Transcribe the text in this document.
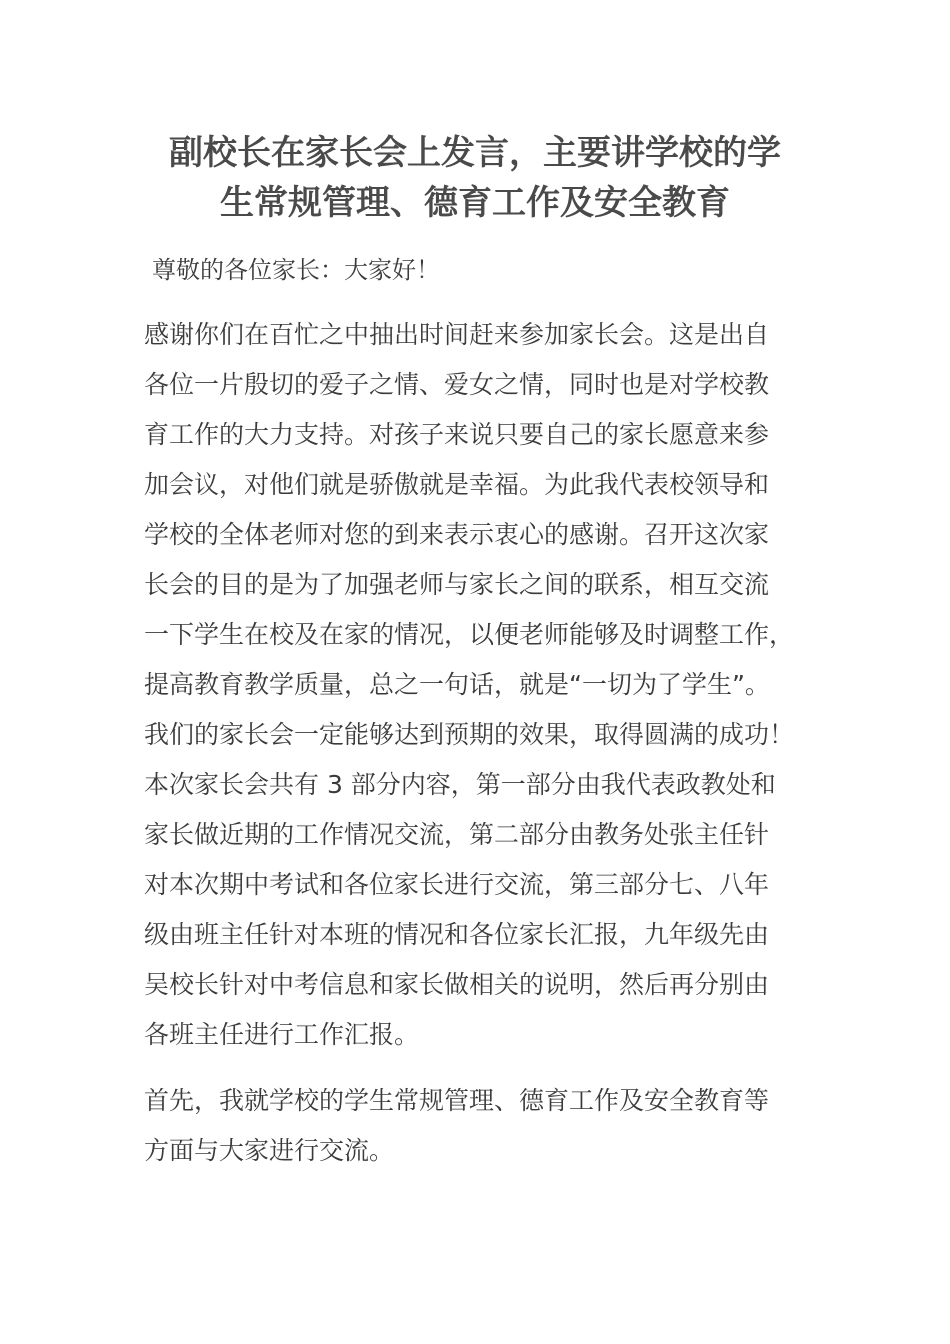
副校长在家长会上发言，主要讲学校的学
生常规管理、德育工作及安全教育

尊敬的各位家长：大家好！

感谢你们在百忙之中抽出时间赶来参加家长会。这是出自
各位一片殷切的爱子之情、爱女之情，同时也是对学校教
育工作的大力支持。对孩子来说只要自己的家长愿意来参
加会议，对他们就是骄傲就是幸福。为此我代表校领导和
学校的全体老师对您的到来表示衷心的感谢。召开这次家
长会的目的是为了加强老师与家长之间的联系，相互交流
一下学生在校及在家的情况，以便老师能够及时调整工作，
提高教育教学质量，总之一句话，就是“一切为了学生”。
我们的家长会一定能够达到预期的效果，取得圆满的成功！
本次家长会共有 3 部分内容，第一部分由我代表政教处和
家长做近期的工作情况交流，第二部分由教务处张主任针
对本次期中考试和各位家长进行交流，第三部分七、八年
级由班主任针对本班的情况和各位家长汇报，九年级先由
吴校长针对中考信息和家长做相关的说明，然后再分别由
各班主任进行工作汇报。

首先，我就学校的学生常规管理、德育工作及安全教育等
方面与大家进行交流。
